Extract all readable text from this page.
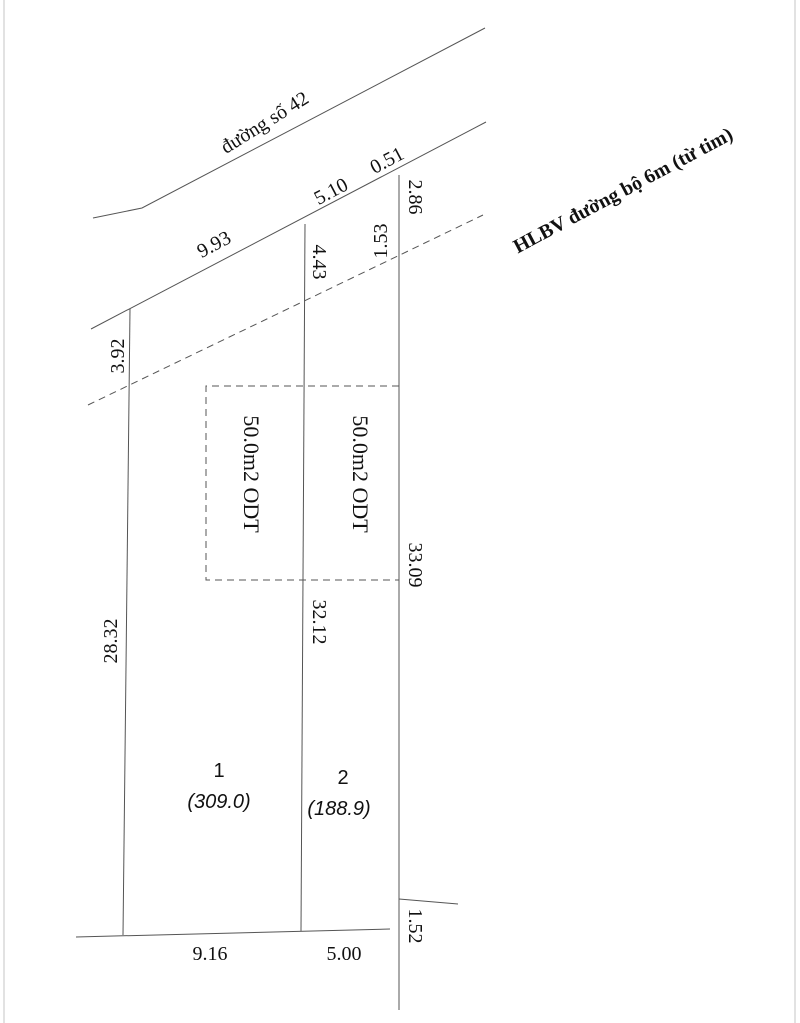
đường số 42
HLBV đường bộ 6m (từ tim)
9.93
5.10
0.51
3.92
28.32
4.43
32.12
1.53
2.86
33.09
1.52
9.16	5.00
50.0m2 ODT	50.0m2 ODT
1
(309.0)
2
(188.9)
